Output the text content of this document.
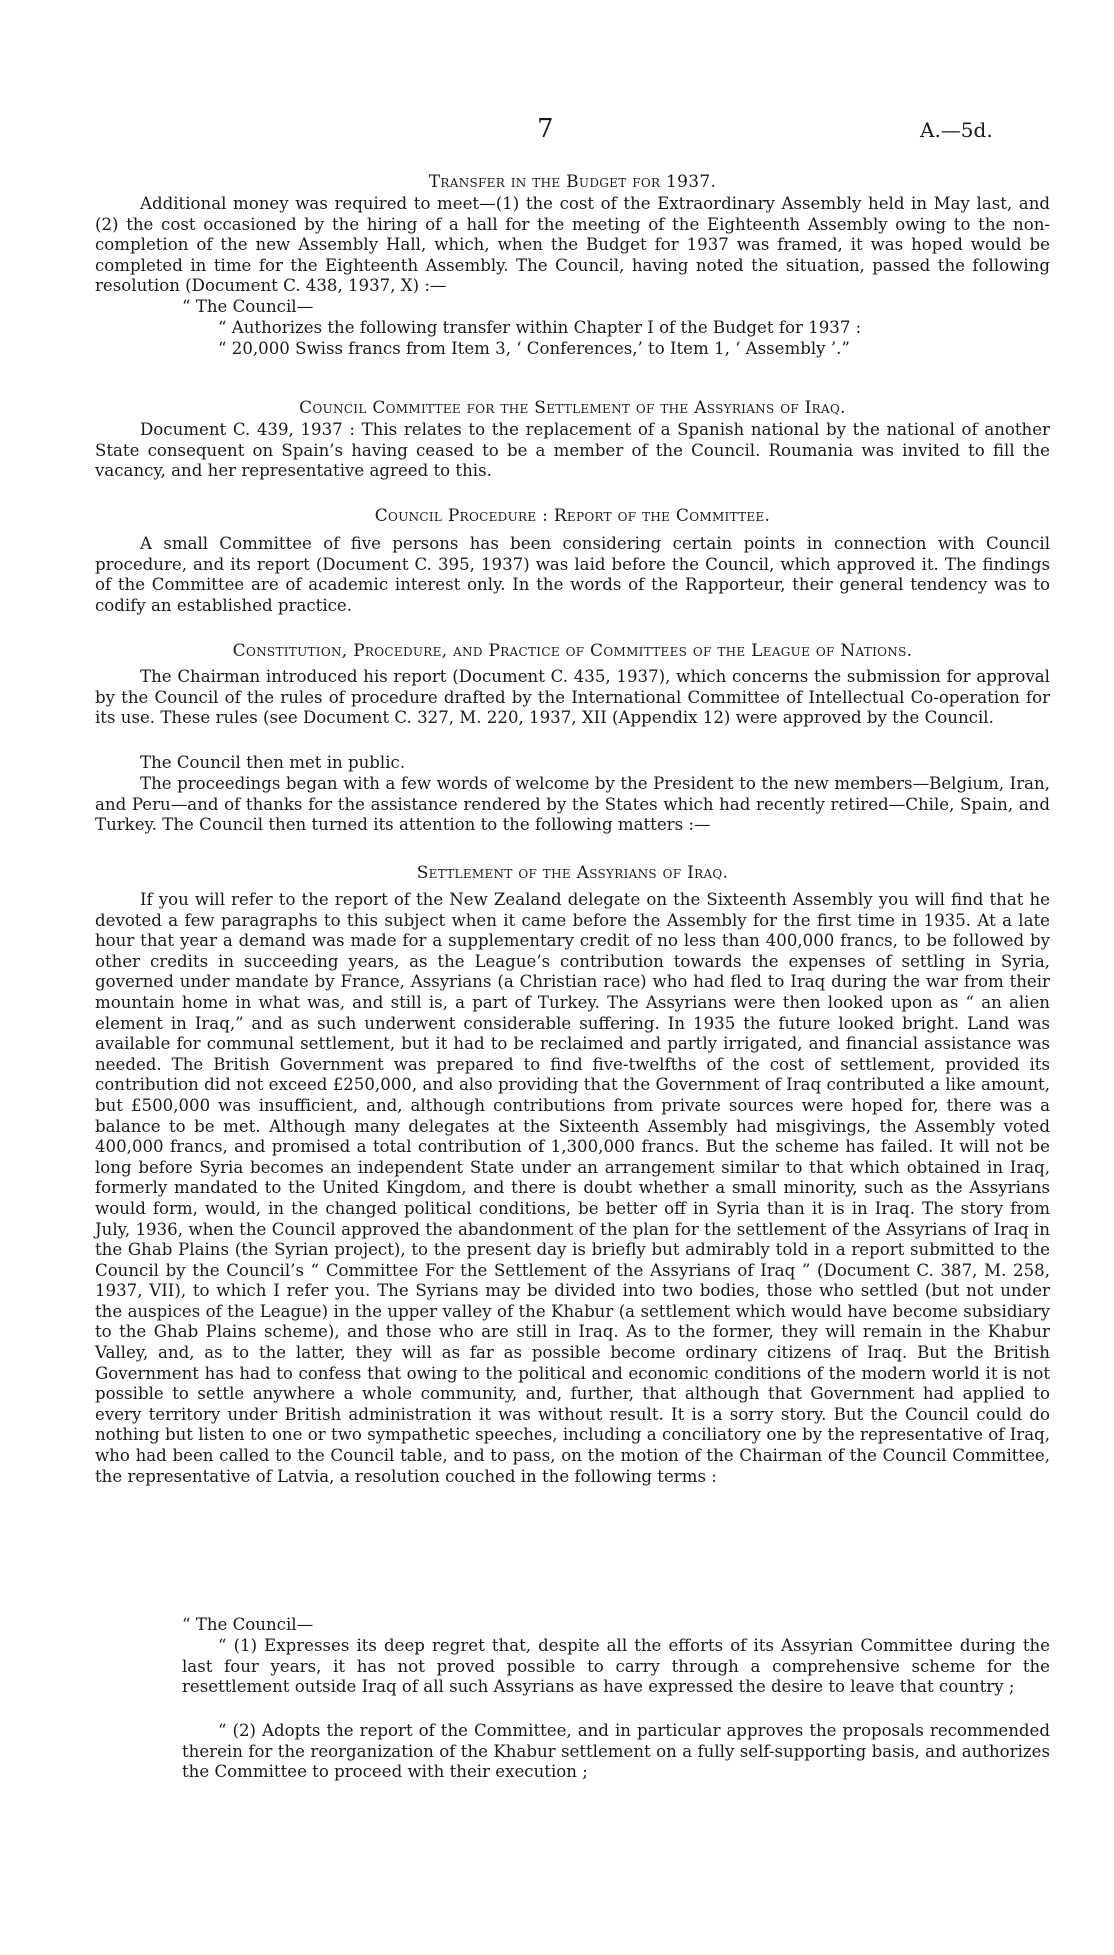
7	A.—5d.
Transfer in the Budget for 1937.

Additional money was required to meet—(1) the cost of the Extraordinary Assembly held in May last, and (2) the cost occasioned by the hiring of a hall for the meeting of the Eighteenth Assembly owing to the non-completion of the new Assembly Hall, which, when the Budget for 1937 was framed, it was hoped would be completed in time for the Eighteenth Assembly. The Council, having noted the situation, passed the following resolution (Document C. 438, 1937, X) :—

“ The Council—

“ Authorizes the following transfer within Chapter I of the Budget for 1937 :

“ 20,000 Swiss francs from Item 3, ‘ Conferences,’ to Item 1, ‘ Assembly ’.”

Council Committee for the Settlement of the Assyrians of Iraq.

Document C. 439, 1937 : This relates to the replacement of a Spanish national by the national of another State consequent on Spain’s having ceased to be a member of the Council. Roumania was invited to fill the vacancy, and her representative agreed to this.

Council Procedure : Report of the Committee.

A small Committee of five persons has been considering certain points in connection with Council procedure, and its report (Document C. 395, 1937) was laid before the Council, which approved it. The findings of the Committee are of academic interest only. In the words of the Rapporteur, their general tendency was to codify an established practice.

Constitution, Procedure, and Practice of Committees of the League of Nations.

The Chairman introduced his report (Document C. 435, 1937), which concerns the submission for approval by the Council of the rules of procedure drafted by the International Committee of Intellectual Co-operation for its use. These rules (see Document C. 327, M. 220, 1937, XII (Appendix 12) were approved by the Council.

The Council then met in public.

The proceedings began with a few words of welcome by the President to the new members—Belgium, Iran, and Peru—and of thanks for the assistance rendered by the States which had recently retired—Chile, Spain, and Turkey. The Council then turned its attention to the following matters :—

Settlement of the Assyrians of Iraq.

If you will refer to the report of the New Zealand delegate on the Sixteenth Assembly you will find that he devoted a few paragraphs to this subject when it came before the Assembly for the first time in 1935. At a late hour that year a demand was made for a supplementary credit of no less than 400,000 francs, to be followed by other credits in succeeding years, as the League’s contribution towards the expenses of settling in Syria, governed under mandate by France, Assyrians (a Christian race) who had fled to Iraq during the war from their mountain home in what was, and still is, a part of Turkey. The Assyrians were then looked upon as “ an alien element in Iraq,” and as such underwent considerable suffering. In 1935 the future looked bright. Land was available for communal settlement, but it had to be reclaimed and partly irrigated, and financial assistance was needed. The British Government was prepared to find five-twelfths of the cost of settlement, provided its contribution did not exceed £250,000, and also providing that the Government of Iraq contributed a like amount, but £500,000 was insufficient, and, although contributions from private sources were hoped for, there was a balance to be met. Although many delegates at the Sixteenth Assembly had misgivings, the Assembly voted 400,000 francs, and promised a total contribution of 1,300,000 francs. But the scheme has failed. It will not be long before Syria becomes an independent State under an arrangement similar to that which obtained in Iraq, formerly mandated to the United Kingdom, and there is doubt whether a small minority, such as the Assyrians would form, would, in the changed political conditions, be better off in Syria than it is in Iraq. The story from July, 1936, when the Council approved the abandonment of the plan for the settlement of the Assyrians of Iraq in the Ghab Plains (the Syrian project), to the present day is briefly but admirably told in a report submitted to the Council by the Council’s “ Committee For the Settlement of the Assyrians of Iraq ” (Document C. 387, M. 258, 1937, VII), to which I refer you. The Syrians may be divided into two bodies, those who settled (but not under the auspices of the League) in the upper valley of the Khabur (a settlement which would have become subsidiary to the Ghab Plains scheme), and those who are still in Iraq. As to the former, they will remain in the Khabur Valley, and, as to the latter, they will as far as possible become ordinary citizens of Iraq. But the British Government has had to confess that owing to the political and economic conditions of the modern world it is not possible to settle anywhere a whole community, and, further, that although that Government had applied to every territory under British administration it was without result. It is a sorry story. But the Council could do nothing but listen to one or two sympathetic speeches, including a conciliatory one by the representative of Iraq, who had been called to the Council table, and to pass, on the motion of the Chairman of the Council Committee, the representative of Latvia, a resolution couched in the following terms :

“ The Council—

“ (1) Expresses its deep regret that, despite all the efforts of its Assyrian Committee during the last four years, it has not proved possible to carry through a comprehensive scheme for the resettlement outside Iraq of all such Assyrians as have expressed the desire to leave that country ;

“ (2) Adopts the report of the Committee, and in particular approves the proposals recommended therein for the reorganization of the Khabur settlement on a fully self-supporting basis, and authorizes the Committee to proceed with their execution ;
